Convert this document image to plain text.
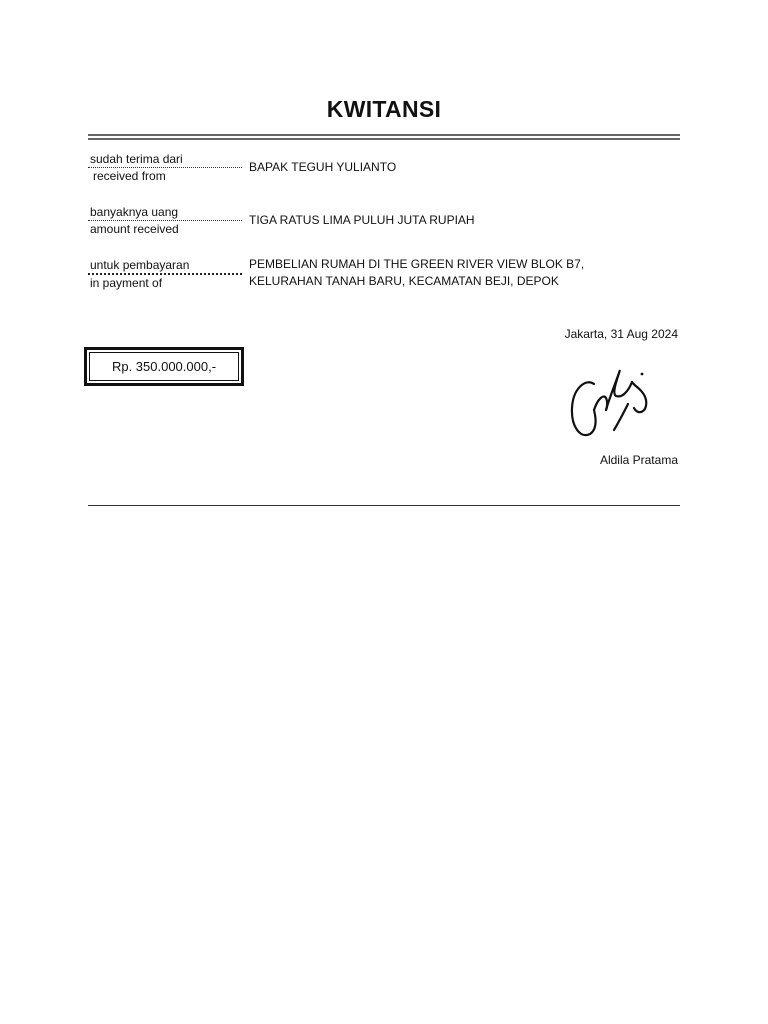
KWITANSI
sudah terima dari
received from
BAPAK TEGUH YULIANTO
banyaknya uang
amount received
TIGA RATUS LIMA PULUH JUTA RUPIAH
untuk pembayaran
in payment of
PEMBELIAN RUMAH DI THE GREEN RIVER VIEW BLOK B7,
KELURAHAN TANAH BARU, KECAMATAN BEJI, DEPOK
Jakarta, 31 Aug 2024
Rp. 350.000.000,-
Aldila Pratama
